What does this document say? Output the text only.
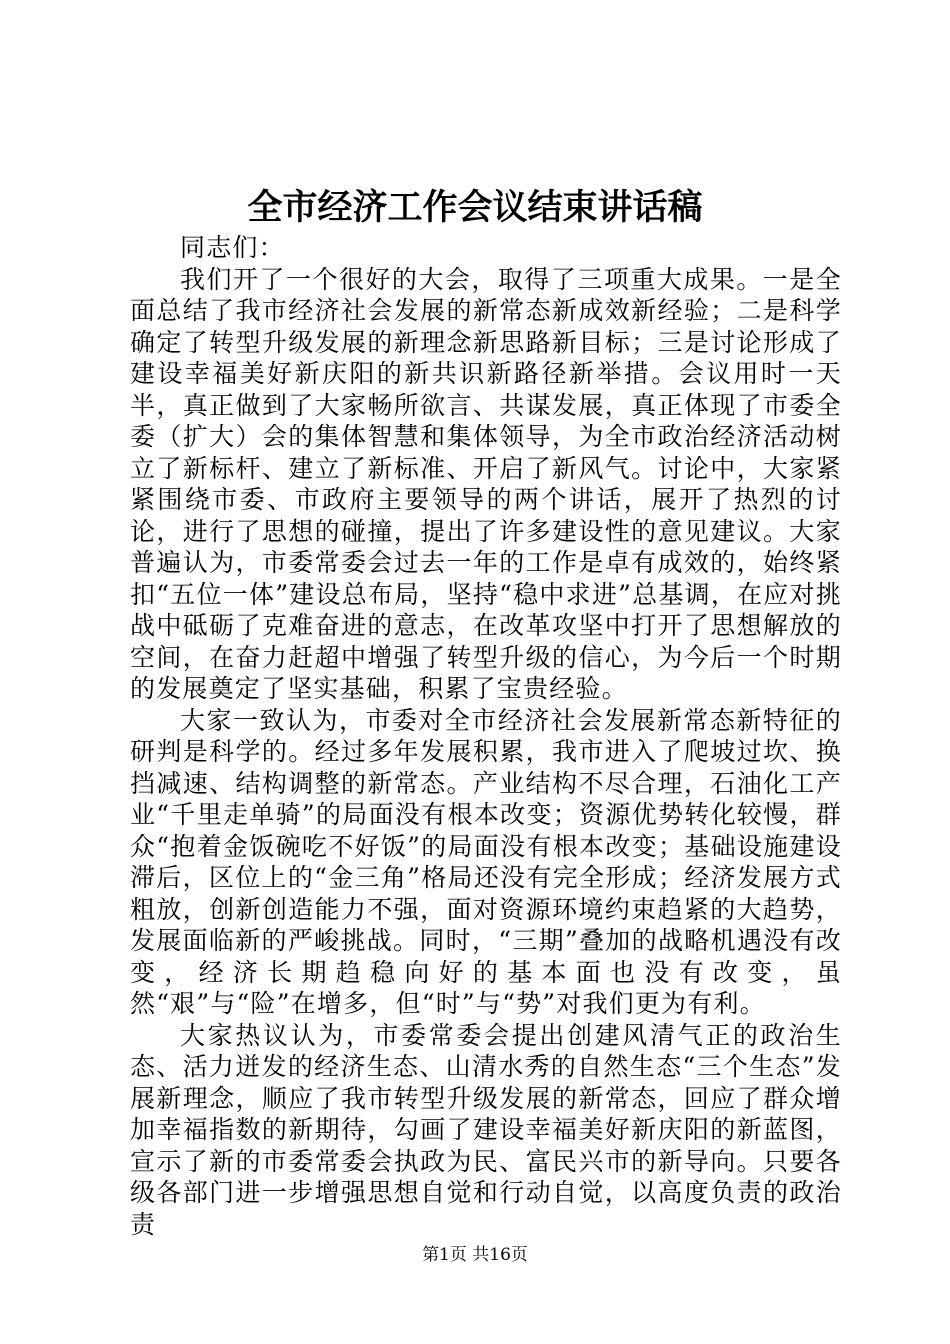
全市经济工作会议结束讲话稿

同志们：

我们开了一个很好的大会，取得了三项重大成果。一是全面总结了我市经济社会发展的新常态新成效新经验；二是科学确定了转型升级发展的新理念新思路新目标；三是讨论形成了建设幸福美好新庆阳的新共识新路径新举措。会议用时一天半，真正做到了大家畅所欲言、共谋发展，真正体现了市委全委（扩大）会的集体智慧和集体领导，为全市政治经济活动树立了新标杆、建立了新标准、开启了新风气。讨论中，大家紧紧围绕市委、市政府主要领导的两个讲话，展开了热烈的讨论，进行了思想的碰撞，提出了许多建设性的意见建议。大家普遍认为，市委常委会过去一年的工作是卓有成效的，始终紧扣“五位一体”建设总布局，坚持“稳中求进”总基调，在应对挑战中砥砺了克难奋进的意志，在改革攻坚中打开了思想解放的空间，在奋力赶超中增强了转型升级的信心，为今后一个时期的发展奠定了坚实基础，积累了宝贵经验。

大家一致认为，市委对全市经济社会发展新常态新特征的研判是科学的。经过多年发展积累，我市进入了爬坡过坎、换挡减速、结构调整的新常态。产业结构不尽合理，石油化工产业“千里走单骑”的局面没有根本改变；资源优势转化较慢，群众“抱着金饭碗吃不好饭”的局面没有根本改变；基础设施建设滞后，区位上的“金三角”格局还没有完全形成；经济发展方式粗放，创新创造能力不强，面对资源环境约束趋紧的大趋势，发展面临新的严峻挑战。同时，“三期”叠加的战略机遇没有改变，经济长期趋稳向好的基本面也没有改变，虽然“艰”与“险”在增多，但“时”与“势”对我们更为有利。

大家热议认为，市委常委会提出创建风清气正的政治生态、活力迸发的经济生态、山清水秀的自然生态“三个生态”发展新理念，顺应了我市转型升级发展的新常态，回应了群众增加幸福指数的新期待，勾画了建设幸福美好新庆阳的新蓝图，宣示了新的市委常委会执政为民、富民兴市的新导向。只要各级各部门进一步增强思想自觉和行动自觉，以高度负责的政治责

第1页 共16页
